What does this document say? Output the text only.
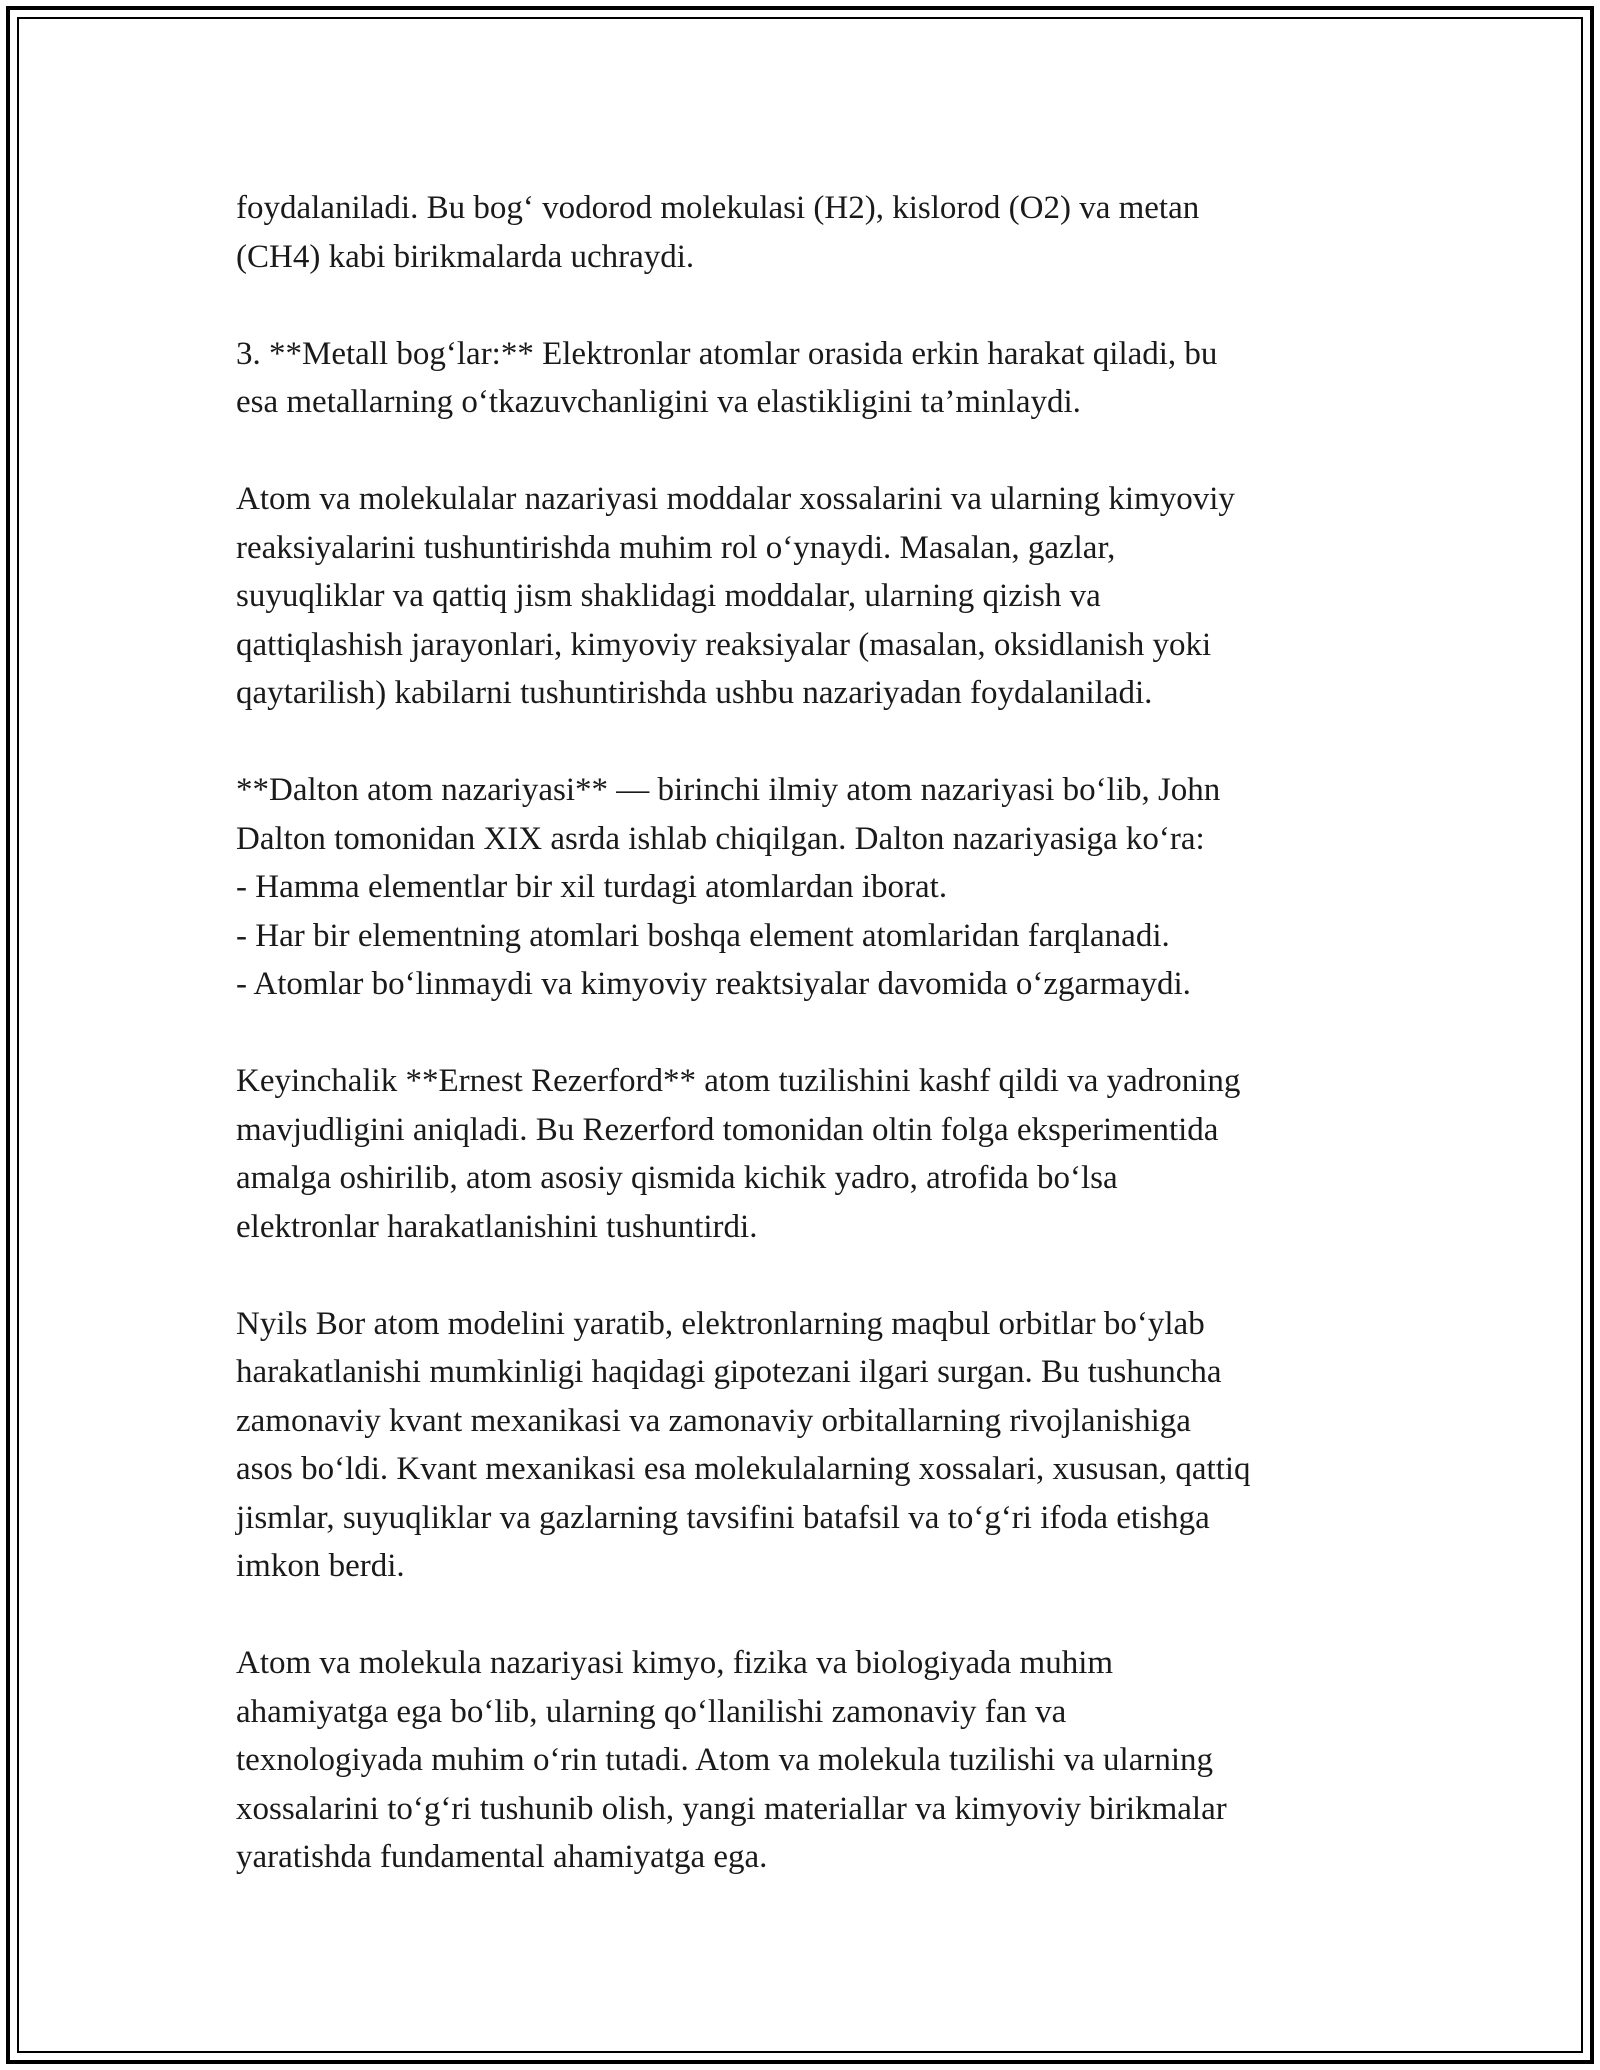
foydalaniladi. Bu bog‘ vodorod molekulasi (H2), kislorod (O2) va metan
(CH4) kabi birikmalarda uchraydi.

3. **Metall bog‘lar:** Elektronlar atomlar orasida erkin harakat qiladi, bu
esa metallarning o‘tkazuvchanligini va elastikligini ta’minlaydi.

Atom va molekulalar nazariyasi moddalar xossalarini va ularning kimyoviy
reaksiyalarini tushuntirishda muhim rol o‘ynaydi. Masalan, gazlar,
suyuqliklar va qattiq jism shaklidagi moddalar, ularning qizish va
qattiqlashish jarayonlari, kimyoviy reaksiyalar (masalan, oksidlanish yoki
qaytarilish) kabilarni tushuntirishda ushbu nazariyadan foydalaniladi.

**Dalton atom nazariyasi** — birinchi ilmiy atom nazariyasi bo‘lib, John
Dalton tomonidan XIX asrda ishlab chiqilgan. Dalton nazariyasiga ko‘ra:
- Hamma elementlar bir xil turdagi atomlardan iborat.
- Har bir elementning atomlari boshqa element atomlaridan farqlanadi.
- Atomlar bo‘linmaydi va kimyoviy reaktsiyalar davomida o‘zgarmaydi.

Keyinchalik **Ernest Rezerford** atom tuzilishini kashf qildi va yadroning
mavjudligini aniqladi. Bu Rezerford tomonidan oltin folga eksperimentida
amalga oshirilib, atom asosiy qismida kichik yadro, atrofida bo‘lsa
elektronlar harakatlanishini tushuntirdi.

Nyils Bor atom modelini yaratib, elektronlarning maqbul orbitlar bo‘ylab
harakatlanishi mumkinligi haqidagi gipotezani ilgari surgan. Bu tushuncha
zamonaviy kvant mexanikasi va zamonaviy orbitallarning rivojlanishiga
asos bo‘ldi. Kvant mexanikasi esa molekulalarning xossalari, xususan, qattiq
jismlar, suyuqliklar va gazlarning tavsifini batafsil va to‘g‘ri ifoda etishga
imkon berdi.

Atom va molekula nazariyasi kimyo, fizika va biologiyada muhim
ahamiyatga ega bo‘lib, ularning qo‘llanilishi zamonaviy fan va
texnologiyada muhim o‘rin tutadi. Atom va molekula tuzilishi va ularning
xossalarini to‘g‘ri tushunib olish, yangi materiallar va kimyoviy birikmalar
yaratishda fundamental ahamiyatga ega.
